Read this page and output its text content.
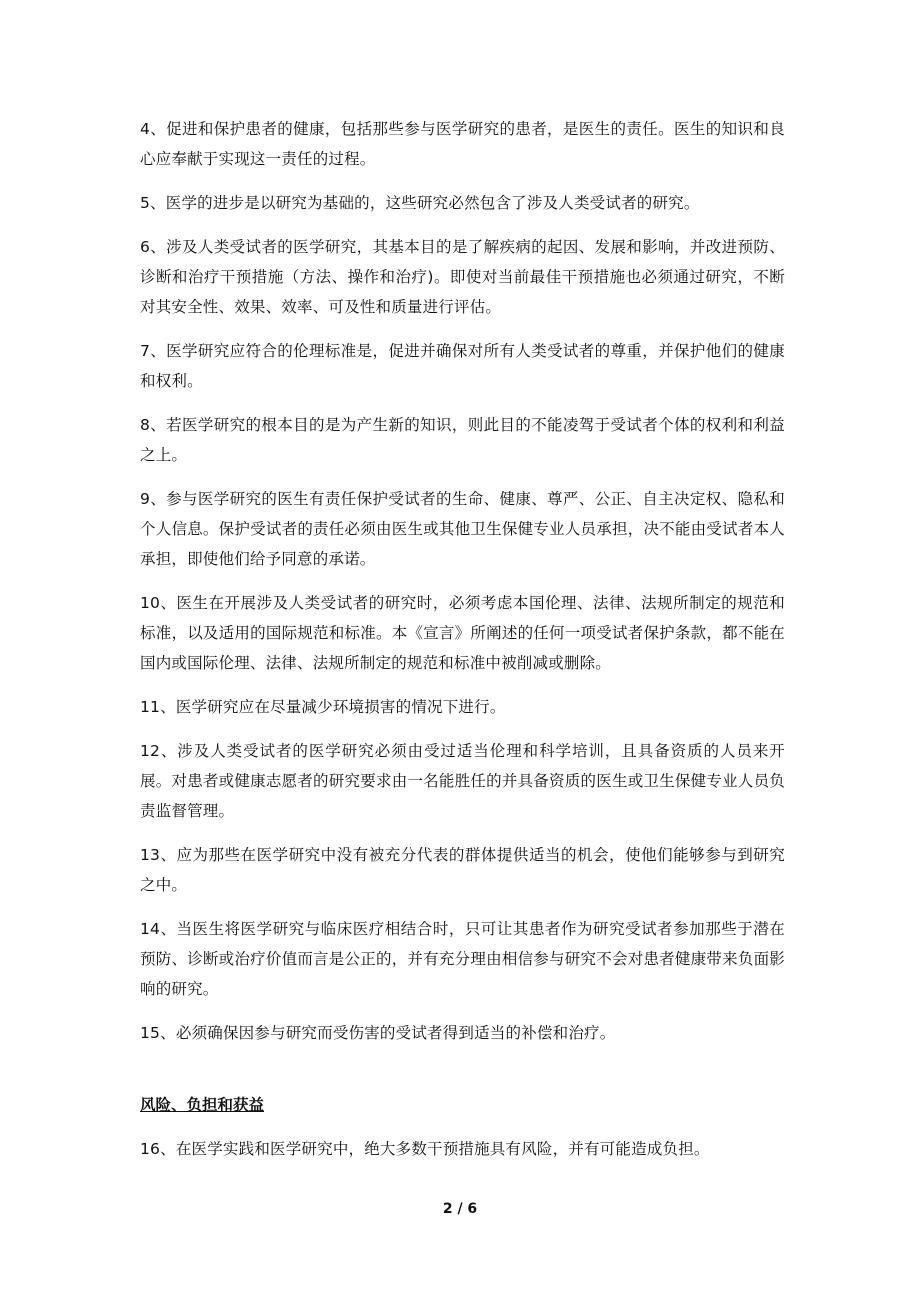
4、促进和保护患者的健康，包括那些参与医学研究的患者，是医生的责任。医生的知识和良心应奉献于实现这一责任的过程。

5、医学的进步是以研究为基础的，这些研究必然包含了涉及人类受试者的研究。

6、涉及人类受试者的医学研究，其基本目的是了解疾病的起因、发展和影响，并改进预防、诊断和治疗干预措施（方法、操作和治疗)。即使对当前最佳干预措施也必须通过研究，不断对其安全性、效果、效率、可及性和质量进行评估。

7、医学研究应符合的伦理标准是，促进并确保对所有人类受试者的尊重，并保护他们的健康和权利。

8、若医学研究的根本目的是为产生新的知识，则此目的不能凌驾于受试者个体的权利和利益之上。

9、参与医学研究的医生有责任保护受试者的生命、健康、尊严、公正、自主决定权、隐私和个人信息。保护受试者的责任必须由医生或其他卫生保健专业人员承担，决不能由受试者本人承担，即使他们给予同意的承诺。

10、医生在开展涉及人类受试者的研究时，必须考虑本国伦理、法律、法规所制定的规范和标准，以及适用的国际规范和标准。本《宣言》所阐述的任何一项受试者保护条款，都不能在国内或国际伦理、法律、法规所制定的规范和标准中被削减或删除。

11、医学研究应在尽量减少环境损害的情况下进行。

12、涉及人类受试者的医学研究必须由受过适当伦理和科学培训，且具备资质的人员来开展。对患者或健康志愿者的研究要求由一名能胜任的并具备资质的医生或卫生保健专业人员负责监督管理。

13、应为那些在医学研究中没有被充分代表的群体提供适当的机会，使他们能够参与到研究之中。

14、当医生将医学研究与临床医疗相结合时，只可让其患者作为研究受试者参加那些于潜在预防、诊断或治疗价值而言是公正的，并有充分理由相信参与研究不会对患者健康带来负面影响的研究。

15、必须确保因参与研究而受伤害的受试者得到适当的补偿和治疗。

风险、负担和获益

16、在医学实践和医学研究中，绝大多数干预措施具有风险，并有可能造成负担。

2 / 6
